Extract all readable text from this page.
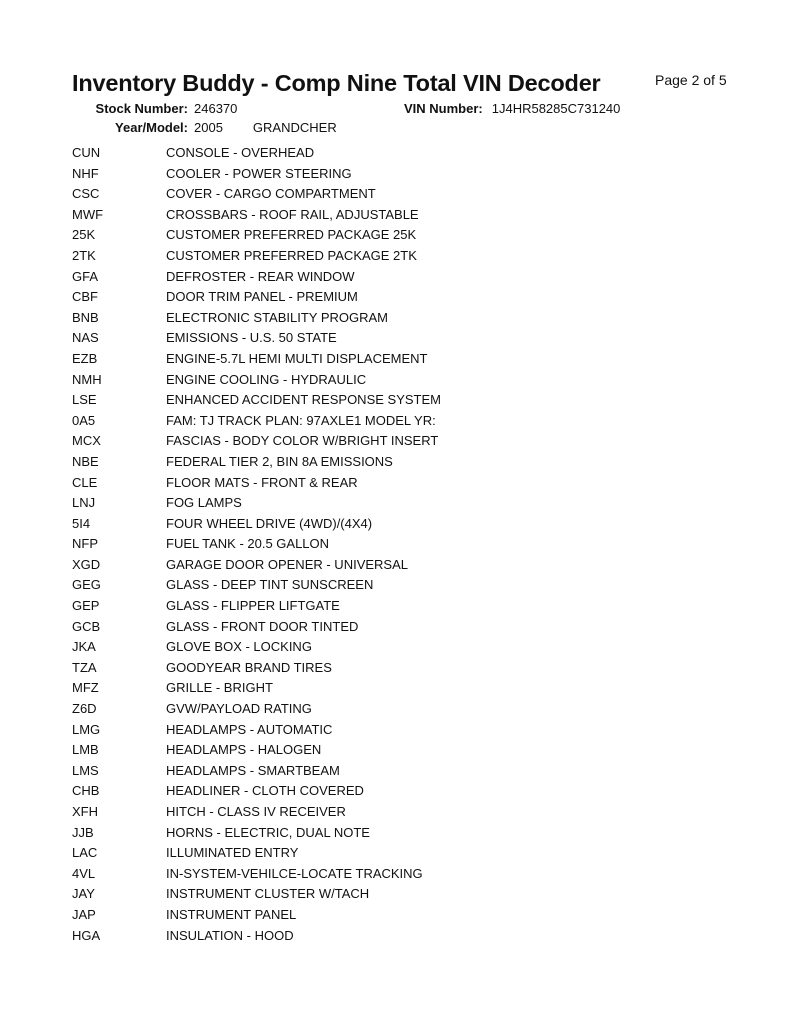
Inventory Buddy - Comp Nine Total VIN Decoder	Page 2 of 5
Stock Number: 246370	VIN Number: 1J4HR58285C731240
Year/Model: 2005 GRANDCHER
CUN	CONSOLE - OVERHEAD
NHF	COOLER - POWER STEERING
CSC	COVER - CARGO COMPARTMENT
MWF	CROSSBARS - ROOF RAIL, ADJUSTABLE
25K	CUSTOMER PREFERRED PACKAGE 25K
2TK	CUSTOMER PREFERRED PACKAGE 2TK
GFA	DEFROSTER - REAR WINDOW
CBF	DOOR TRIM PANEL - PREMIUM
BNB	ELECTRONIC STABILITY PROGRAM
NAS	EMISSIONS - U.S. 50 STATE
EZB	ENGINE-5.7L HEMI MULTI DISPLACEMENT
NMH	ENGINE COOLING - HYDRAULIC
LSE	ENHANCED ACCIDENT RESPONSE SYSTEM
0A5	FAM: TJ TRACK PLAN: 97AXLE1 MODEL YR:
MCX	FASCIAS - BODY COLOR W/BRIGHT INSERT
NBE	FEDERAL TIER 2, BIN 8A EMISSIONS
CLE	FLOOR MATS - FRONT & REAR
LNJ	FOG LAMPS
5I4	FOUR WHEEL DRIVE (4WD)/(4X4)
NFP	FUEL TANK - 20.5 GALLON
XGD	GARAGE DOOR OPENER - UNIVERSAL
GEG	GLASS - DEEP TINT SUNSCREEN
GEP	GLASS - FLIPPER LIFTGATE
GCB	GLASS - FRONT DOOR TINTED
JKA	GLOVE BOX - LOCKING
TZA	GOODYEAR BRAND TIRES
MFZ	GRILLE - BRIGHT
Z6D	GVW/PAYLOAD RATING
LMG	HEADLAMPS - AUTOMATIC
LMB	HEADLAMPS - HALOGEN
LMS	HEADLAMPS - SMARTBEAM
CHB	HEADLINER - CLOTH COVERED
XFH	HITCH - CLASS IV RECEIVER
JJB	HORNS - ELECTRIC, DUAL NOTE
LAC	ILLUMINATED ENTRY
4VL	IN-SYSTEM-VEHILCE-LOCATE TRACKING
JAY	INSTRUMENT CLUSTER W/TACH
JAP	INSTRUMENT PANEL
HGA	INSULATION - HOOD
